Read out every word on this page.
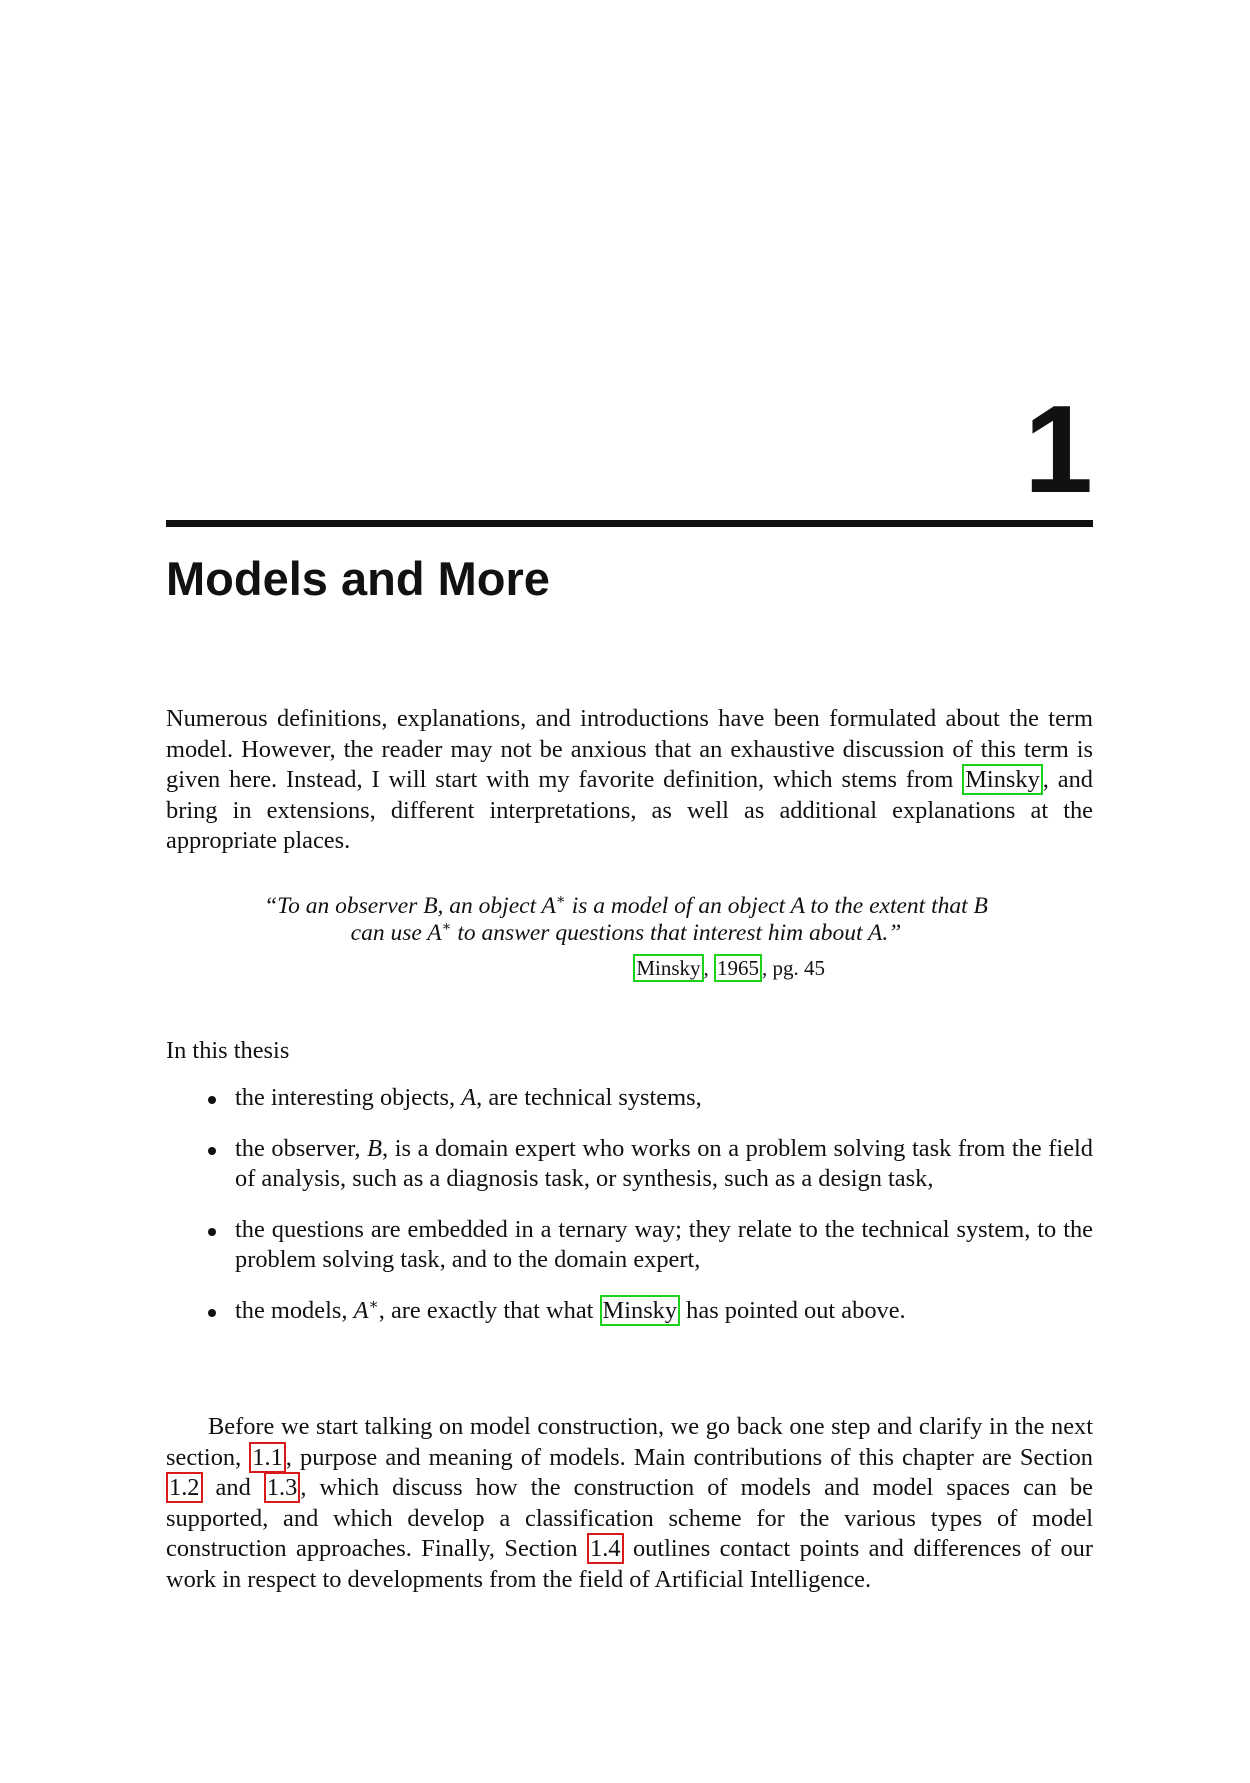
1
Models and More

Numerous definitions, explanations, and introductions have been formulated about the term model. However, the reader may not be anxious that an exhaustive discussion of this term is given here. Instead, I will start with my favorite definition, which stems from Minsky , and bring in extensions, different interpretations, as well as additional explanations at the appropriate places.

“To an observer B, an object A∗ is a model of an object A to the extent that B can use A∗ to answer questions that interest him about A.”

Minsky , 1965 , pg. 45
In this thesis
the interesting objects, A, are technical systems,
the observer, B, is a domain expert who works on a problem solving task from the field of analysis, such as a diagnosis task, or synthesis, such as a design task,
the questions are embedded in a ternary way; they relate to the technical system, to the problem solving task, and to the domain expert,
the models, A∗, are exactly that what Minsky has pointed out above.

Before we start talking on model construction, we go back one step and clarify in the next section, 1.1 , purpose and meaning of models. Main contributions of this chapter are Section 1.2 and 1.3 , which discuss how the construction of models and model spaces can be supported, and which develop a classification scheme for the various types of model construction approaches. Finally, Section 1.4 outlines contact points and differences of our work in respect to developments from the field of Artificial Intelligence.
